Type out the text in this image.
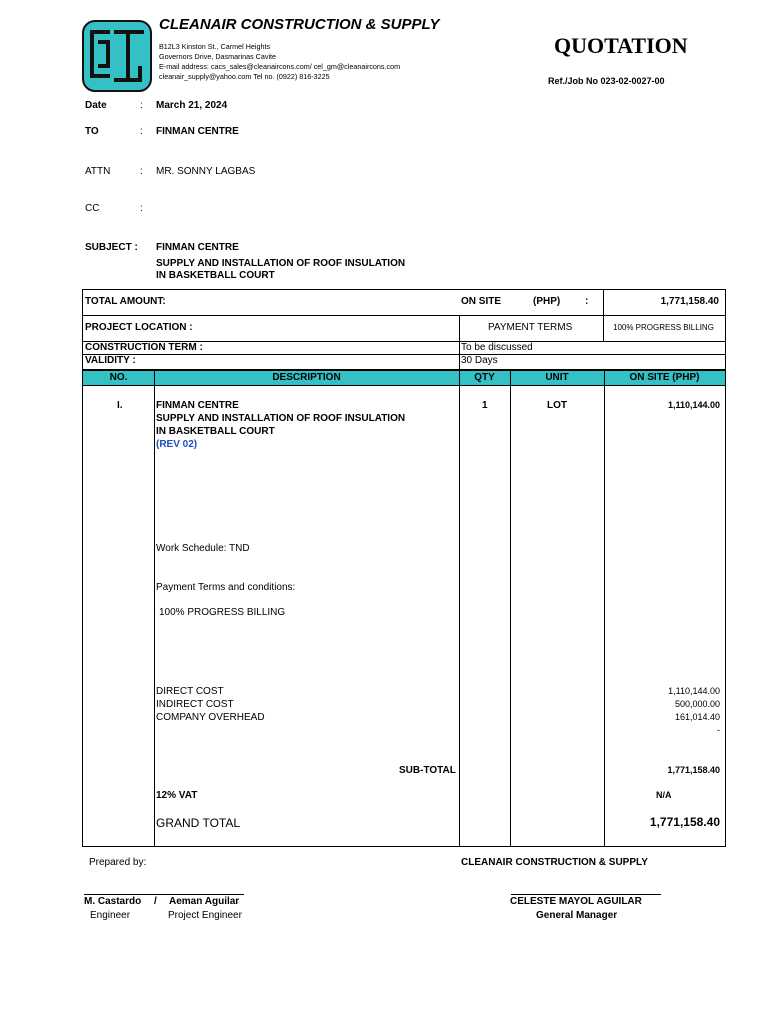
CLEANAIR CONSTRUCTION & SUPPLY
B12L3 Kinston St., Carmel Heights
Governors Drive, Dasmarinas Cavite
E-mail address: cacs_sales@cleanaircons.com/ cel_gm@cleanaircons.com
cleanair_supply@yahoo.com Tel no. (0922) 816-3225
QUOTATION
Ref./Job No 023-02-0027-00
Date	: March 21, 2024
TO	: FINMAN CENTRE
ATTN	: MR. SONNY LAGBAS
CC	:
SUBJECT : FINMAN CENTRE
SUPPLY AND INSTALLATION OF ROOF INSULATION
IN BASKETBALL COURT
TOTAL AMOUNT:	ON SITE	(PHP) :	1,771,158.40
PROJECT LOCATION :	PAYMENT TERMS	100% PROGRESS BILLING
CONSTRUCTION TERM :	To be discussed
VALIDITY :	30 Days
NO.	DESCRIPTION	QTY	UNIT	ON SITE (PHP)
I.	FINMAN CENTRE
SUPPLY AND INSTALLATION OF ROOF INSULATION
IN BASKETBALL COURT
(REV 02)
1	LOT	1,110,144.00
Work Schedule: TND
Payment Terms and conditions:
100% PROGRESS BILLING
DIRECT COST	1,110,144.00
INDIRECT COST	500,000.00
COMPANY OVERHEAD	161,014.40
-
SUB-TOTAL	1,771,158.40
12% VAT	N/A
GRAND TOTAL	1,771,158.40
Prepared by:	CLEANAIR CONSTRUCTION & SUPPLY
M. Castardo / Aeman Aguilar
Engineer	Project Engineer
CELESTE MAYOL AGUILAR
General Manager
